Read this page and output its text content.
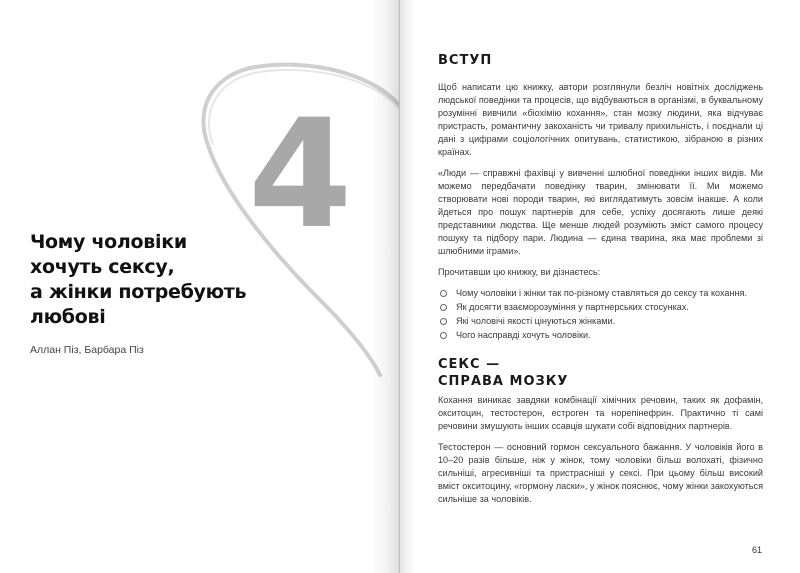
4
Чому чоловіки
хочуть сексу,
а жінки потребують
любові

Аллан Піз, Барбара Піз

ВСТУП

Щоб написати цю книжку, автори розглянули безліч новітніх досліджень людської поведінки та процесів, що відбуваються в організмі, в буквальному розумінні вивчили «біохімію кохання», стан мозку людини, яка відчуває пристрасть, романтичну закоханість чи тривалу прихильність, і поєднали ці дані з цифрами соціологічних опитувань, статистикою, зібраною в різних країнах.

«Люди — справжні фахівці у вивченні шлюбної поведінки інших видів. Ми можемо передбачати поведінку тварин, змінювати її. Ми можемо створювати нові породи тварин, які виглядатимуть зовсім інакше. А коли йдеться про пошук партнерів для себе, успіху досягають лише деякі представники людства. Ще менше людей розуміють зміст самого процесу пошуку та підбору пари. Людина — єдина тварина, яка має проблеми зі шлюбними іграми».

Прочитавши цю книжку, ви дізнаєтесь:

Чому чоловіки і жінки так по-різному ставляться до сексу та кохання.
Як досягти взаєморозуміння у партнерських стосунках.
Які чоловічі якості цінуються жінками.
Чого насправді хочуть чоловіки.
СЕКС —
СПРАВА МОЗКУ

Кохання виникає завдяки комбінації хімічних речовин, таких як дофамін, окситоцин, тестостерон, естроген та норепінефрин. Практично ті самі речовини змушують інших ссавців шукати собі відповідних партнерів.

Тестостерон — основний гормон сексуального бажання. У чоловіків його в 10–20 разів більше, ніж у жінок, тому чоловіки більш волохаті, фізично сильніші, агресивніші та пристрасніші у сексі. При цьому більш високий вміст окситоцину, «гормону ласки», у жінок пояснює, чому жінки закохуються сильніше за чоловіків.

61
